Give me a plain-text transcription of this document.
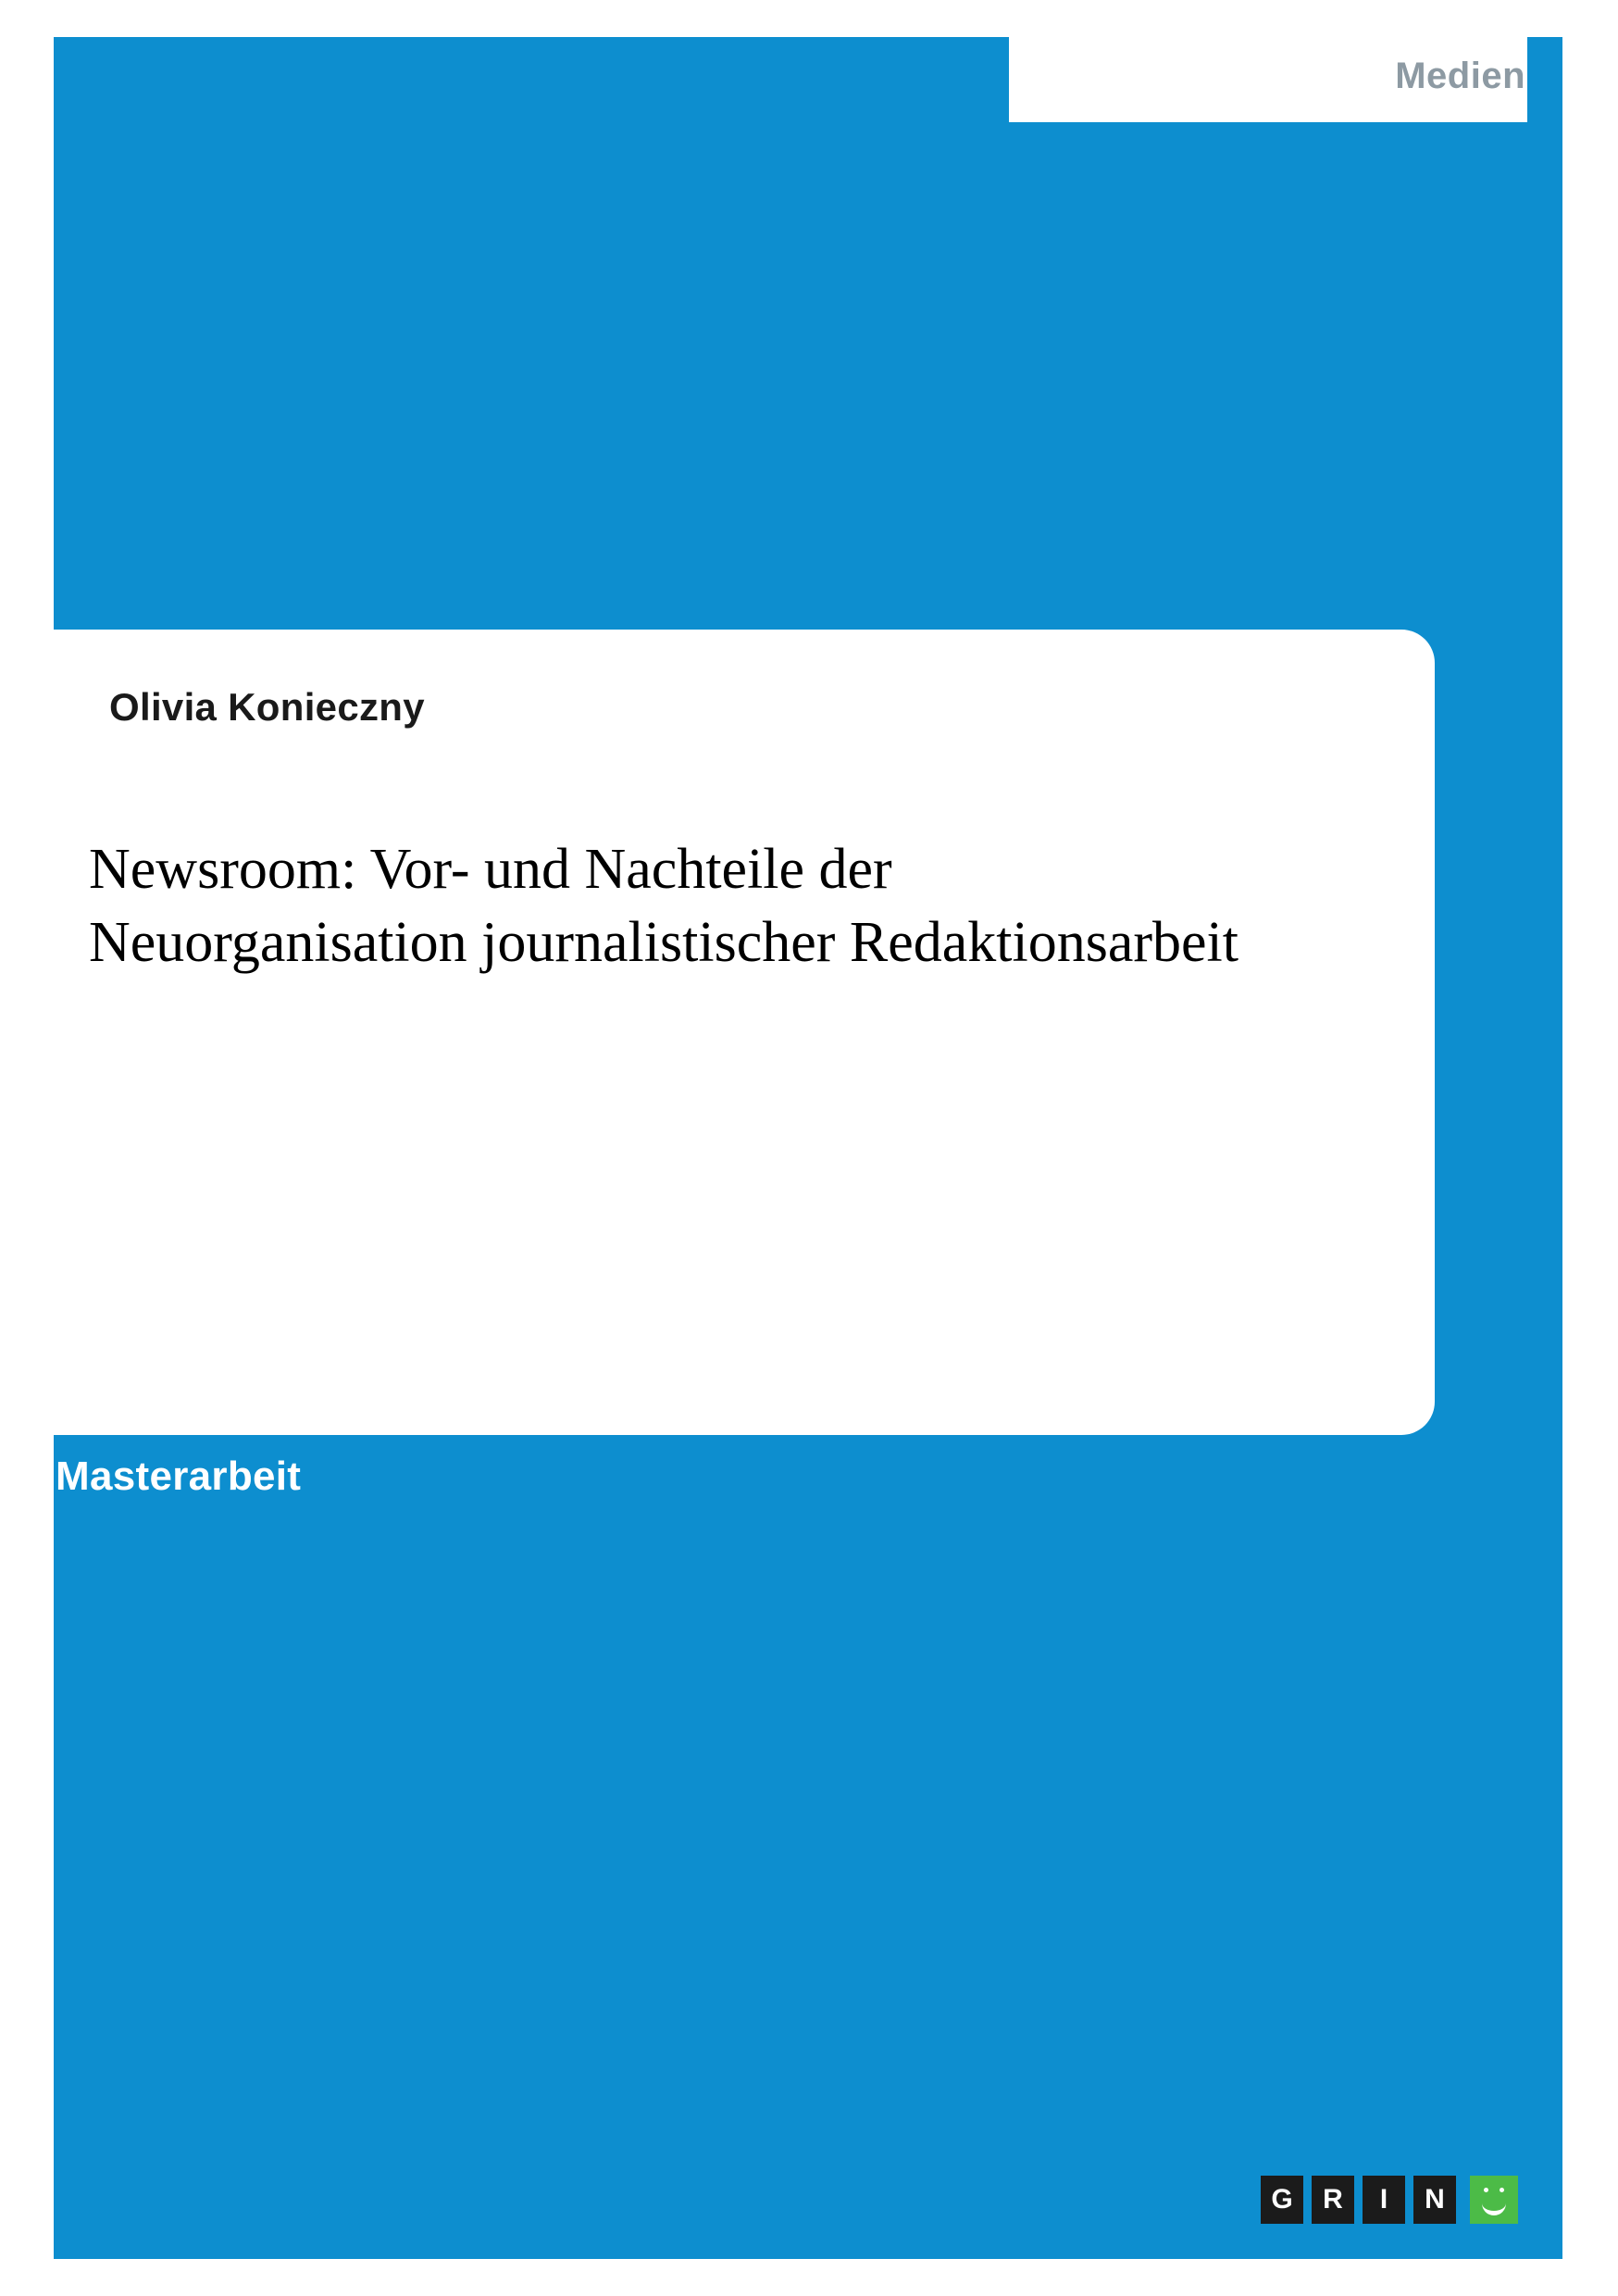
Medien
Olivia Konieczny
Newsroom: Vor- und Nachteile der Neuorganisation journalistischer Redaktionsarbeit
Masterarbeit
G	R	I	N
